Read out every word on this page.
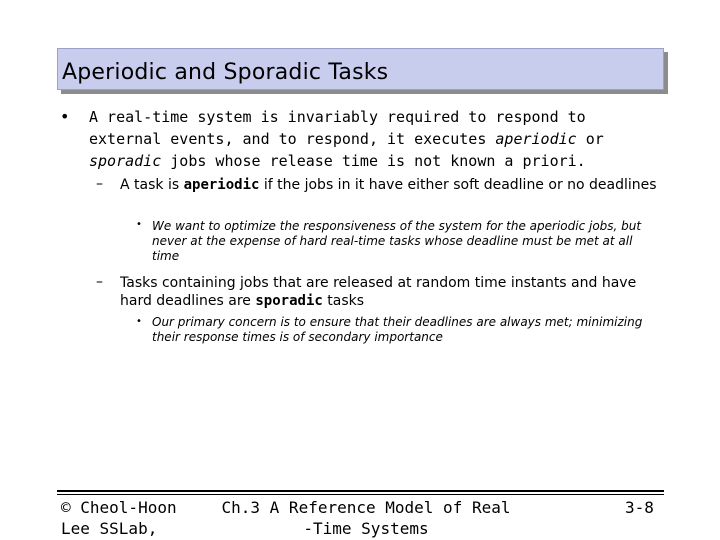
Aperiodic and Sporadic Tasks
• A real-time system is invariably required to respond to external events, and to respond, it executes aperiodic or sporadic jobs whose release time is not known a priori.
– A task is aperiodic if the jobs in it have either soft deadline or no deadlines
• We want to optimize the responsiveness of the system for the aperiodic jobs, but never at the expense of hard real-time tasks whose deadline must be met at all time
– Tasks containing jobs that are released at random time instants and have hard deadlines are sporadic tasks
• Our primary concern is to ensure that their deadlines are always met; minimizing their response times is of secondary importance
© Cheol-Hoon
Lee SSLab,
Ch.3 A Reference Model of Real
-Time Systems
3-8
